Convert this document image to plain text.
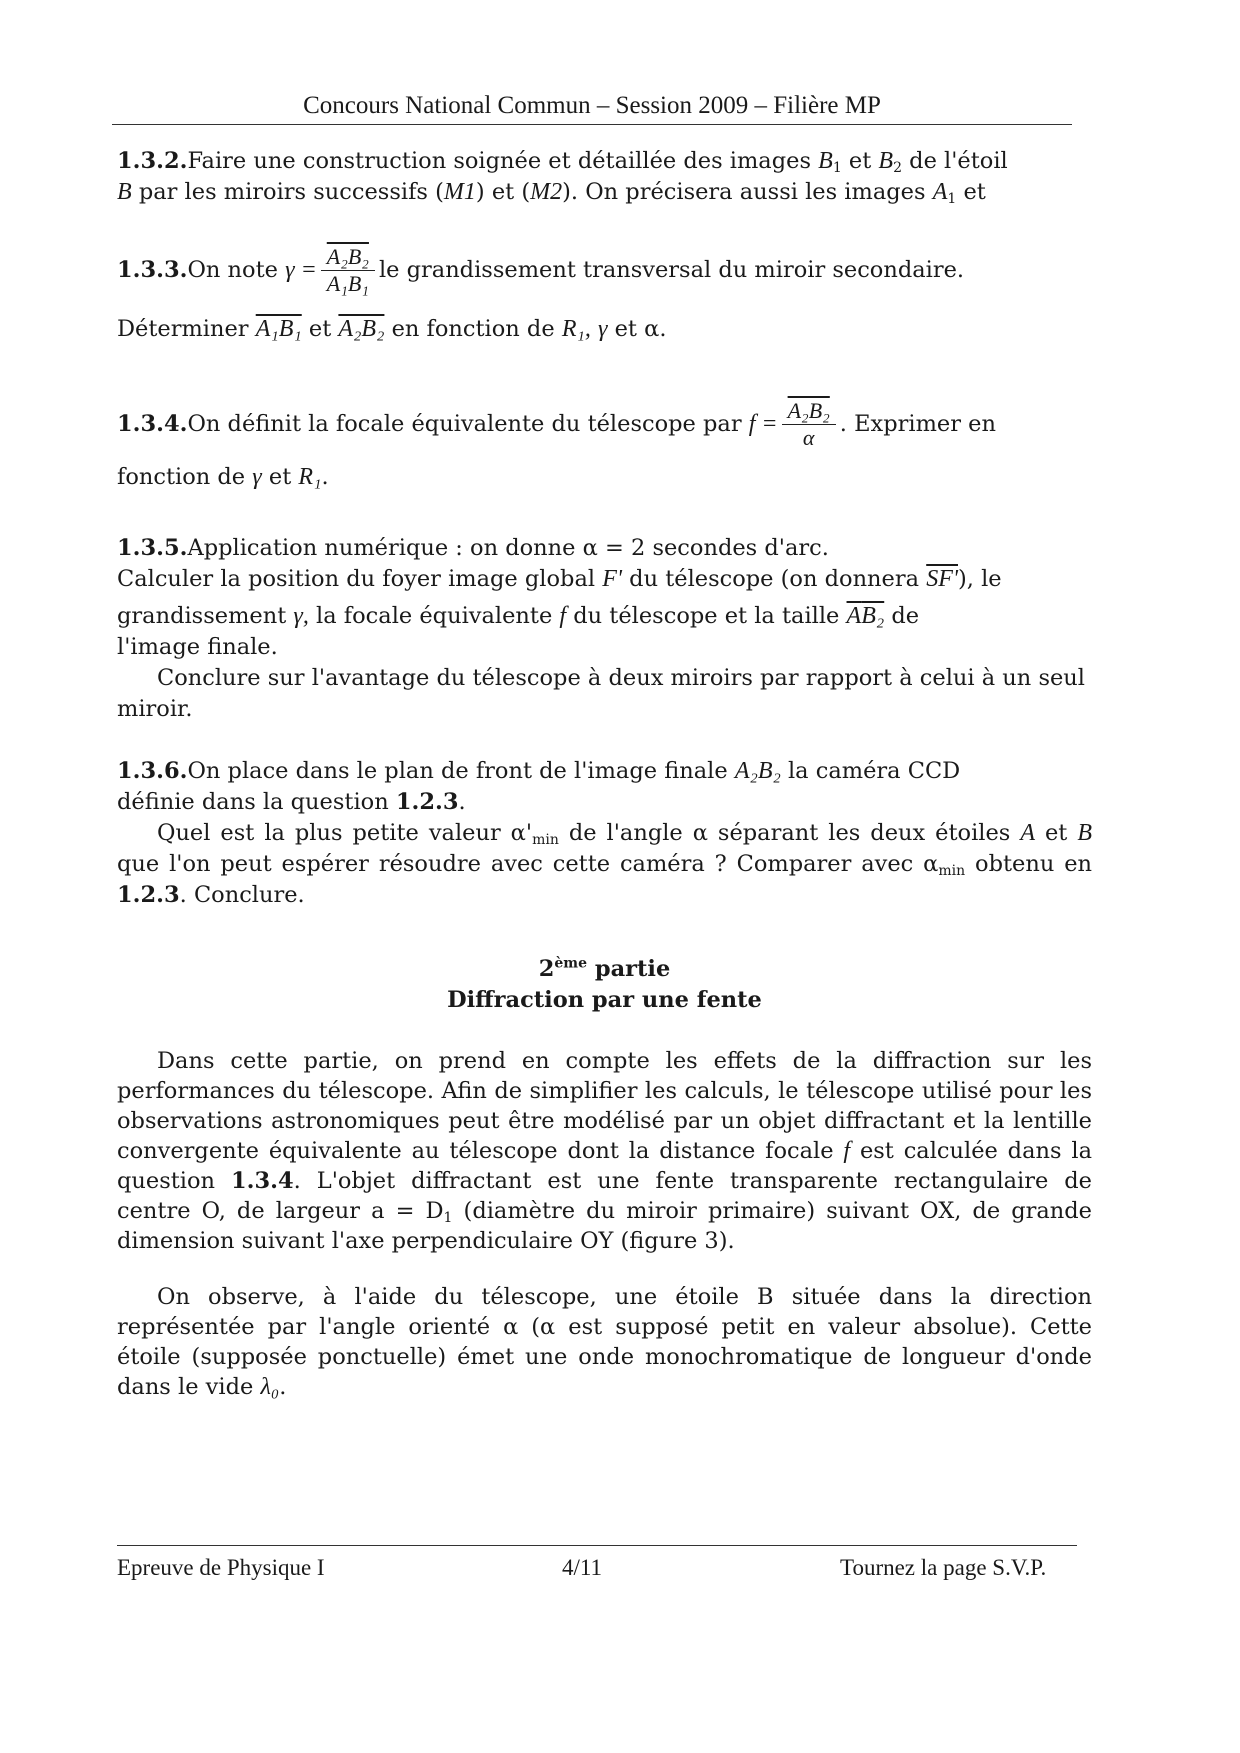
Concours National Commun – Session 2009 – Filière MP
1.3.2.Faire une construction soignée et détaillée des images $B_1$ et $B_2$ de l'étoil
B par les miroirs successifs (M1) et (M2). On précisera aussi les images $A_1$ et
1.3.3. On note
$\gamma = \frac{\text{A₂B₂}}{\text{A₁B₁}}$ le grandissement transversal du miroir secondaire.
Déterminer A₁B₁ et A₂B₂ en fonction de R₁, γ et α.
1.3.4. On définit la focale équivalente du télescope par
$f = \frac{\text{A₂B₂}}{\alpha}$ . Exprimer en
fonction de γ et R₁.
1.3.5.Application numérique : on donne α = 2 secondes d'arc.
Calculer la position du foyer image global F' du télescope (on donnera SF'), le
grandissement γ, la focale équivalente f du télescope et la taille $\overline{A}B_2$ de
l'image finale.
Conclure sur l'avantage du télescope à deux miroirs par rapport à celui à un seul miroir.
1.3.6.On place dans le plan de front de l'image finale A₂B₂ la caméra CCD
définie dans la question 1.2.3.
Quel est la plus petite valeur $\alpha'_{min}$ de l'angle α séparant les deux étoiles A et B que l'on peut espérer résoudre avec cette caméra ? Comparer avec $\alpha_{min}$ obtenu en 1.2.3. Conclure.
2ème partie
Diffraction par une fente
Dans cette partie, on prend en compte les effets de la diffraction sur les performances du télescope. Afin de simplifier les calculs, le télescope utilisé pour les observations astronomiques peut être modélisé par un objet diffractant et la lentille convergente équivalente au télescope dont la distance focale f est calculée dans la question 1.3.4. L'objet diffractant est une fente transparente rectangulaire de centre O, de largeur $a = D_1$ (diamètre du miroir primaire) suivant OX, de grande dimension suivant l'axe perpendiculaire OY (figure 3).
On observe, à l'aide du télescope, une étoile B située dans la direction représentée par l'angle orienté α (α est supposé petit en valeur absolue). Cette étoile (supposée ponctuelle) émet une onde monochromatique de longueur d'onde dans le vide λ₀.
Epreuve de Physique I	4/11	Tournez la page S.V.P.
